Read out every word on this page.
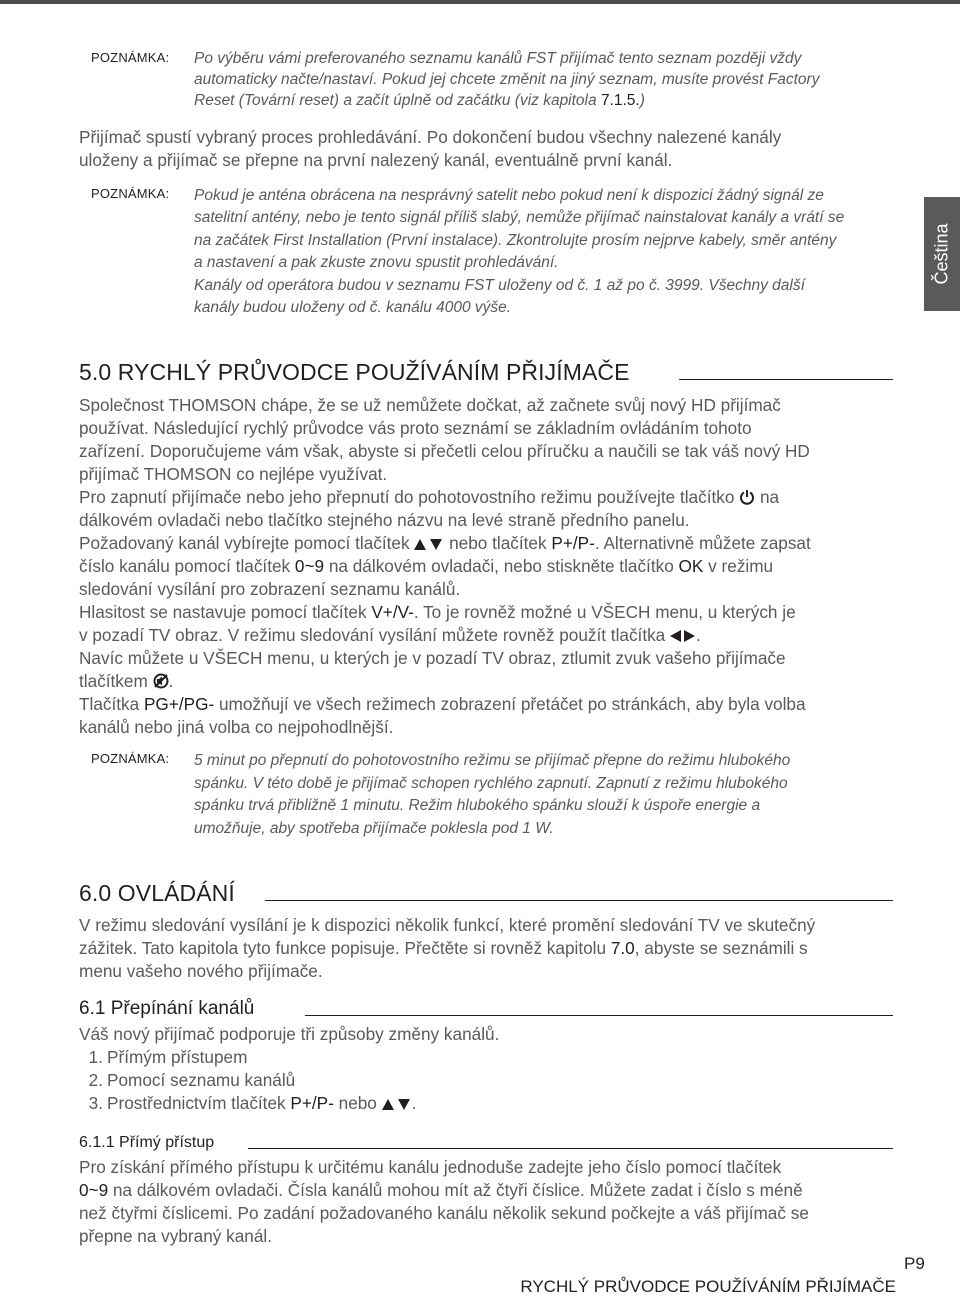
Čeština
POZNÁMKA: Po výběru vámi preferovaného seznamu kanálů FST přijímač tento seznam později vždy
automaticky načte/nastaví. Pokud jej chcete změnit na jiný seznam, musíte provést Factory
Reset (Tovární reset) a začít úplně od začátku (viz kapitola 7.1.5.)
Přijímač spustí vybraný proces prohledávání. Po dokončení budou všechny nalezené kanály
uloženy a přijímač se přepne na první nalezený kanál, eventuálně první kanál.
POZNÁMKA: Pokud je anténa obrácena na nesprávný satelit nebo pokud není k dispozici žádný signál ze
satelitní antény, nebo je tento signál příliš slabý, nemůže přijímač nainstalovat kanály a vrátí se
na začátek First Installation (První instalace). Zkontrolujte prosím nejprve kabely, směr antény
a nastavení a pak zkuste znovu spustit prohledávání.
Kanály od operátora budou v seznamu FST uloženy od č. 1 až po č. 3999. Všechny další
kanály budou uloženy od č. kanálu 4000 výše.
5.0 RYCHLÝ PRŮVODCE POUŽÍVÁNÍM PŘIJÍMAČE
Společnost THOMSON chápe, že se už nemůžete dočkat, až začnete svůj nový HD přijímač
používat. Následující rychlý průvodce vás proto seznámí se základním ovládáním tohoto
zařízení. Doporučujeme vám však, abyste si přečetli celou příručku a naučili se tak váš nový HD
přijímač THOMSON co nejlépe využívat.
Pro zapnutí přijímače nebo jeho přepnutí do pohotovostního režimu používejte tlačítko na
dálkovém ovladači nebo tlačítko stejného názvu na levé straně předního panelu.
Požadovaný kanál vybírejte pomocí tlačítek nebo tlačítek P+/P-. Alternativně můžete zapsat
číslo kanálu pomocí tlačítek 0~9 na dálkovém ovladači, nebo stiskněte tlačítko OK v režimu
sledování vysílání pro zobrazení seznamu kanálů.
Hlasitost se nastavuje pomocí tlačítek V+/V-. To je rovněž možné u VŠECH menu, u kterých je
v pozadí TV obraz. V režimu sledování vysílání můžete rovněž použít tlačítka .
Navíc můžete u VŠECH menu, u kterých je v pozadí TV obraz, ztlumit zvuk vašeho přijímače
tlačítkem .
Tlačítka PG+/PG- umožňují ve všech režimech zobrazení přetáčet po stránkách, aby byla volba
kanálů nebo jiná volba co nejpohodlnější.
POZNÁMKA: 5 minut po přepnutí do pohotovostního režimu se přijímač přepne do režimu hlubokého
spánku. V této době je přijímač schopen rychlého zapnutí. Zapnutí z režimu hlubokého
spánku trvá přibližně 1 minutu. Režim hlubokého spánku slouží k úspoře energie a
umožňuje, aby spotřeba přijímače poklesla pod 1 W.
6.0 OVLÁDÁNÍ
V režimu sledování vysílání je k dispozici několik funkcí, které promění sledování TV ve skutečný
zážitek. Tato kapitola tyto funkce popisuje. Přečtěte si rovněž kapitolu 7.0, abyste se seznámili s
menu vašeho nového přijímače.
6.1 Přepínání kanálů
Váš nový přijímač podporuje tři způsoby změny kanálů.
1. Přímým přístupem
2. Pomocí seznamu kanálů
3. Prostřednictvím tlačítek P+/P- nebo .
6.1.1 Přímý přístup
Pro získání přímého přístupu k určitému kanálu jednoduše zadejte jeho číslo pomocí tlačítek
0~9 na dálkovém ovladači. Čísla kanálů mohou mít až čtyři číslice. Můžete zadat i číslo s méně
než čtyřmi číslicemi. Po zadání požadovaného kanálu několik sekund počkejte a váš přijímač se
přepne na vybraný kanál.
P9
RYCHLÝ PRŮVODCE POUŽÍVÁNÍM PŘIJÍMAČE
